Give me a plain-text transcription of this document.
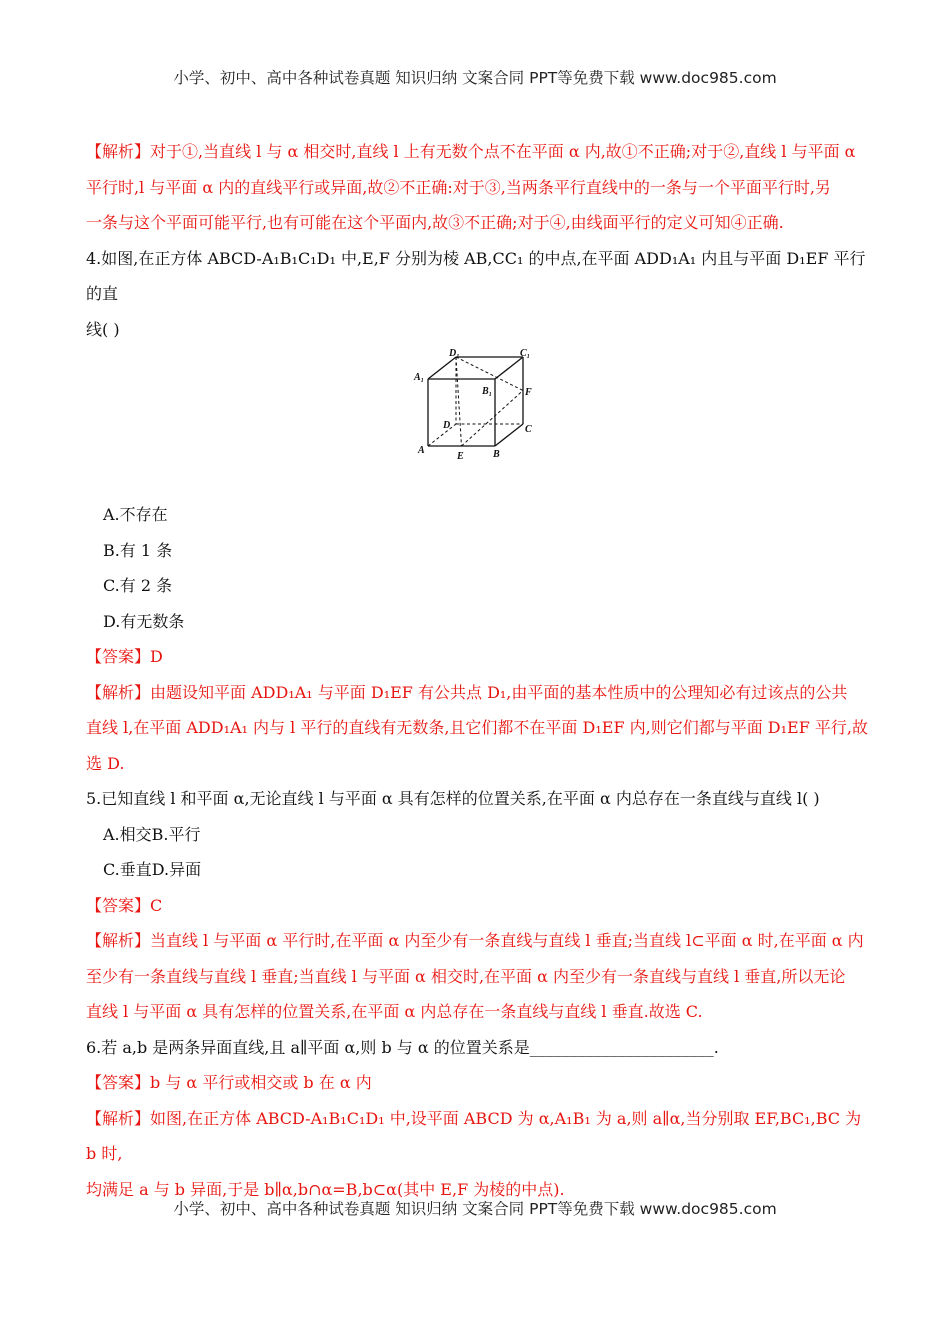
小学、初中、高中各种试卷真题 知识归纳 文案合同 PPT等免费下载 www.doc985.com

【解析】对于①,当直线 l 与 α 相交时,直线 l 上有无数个点不在平面 α 内,故①不正确;对于②,直线 l 与平面 α

平行时,l 与平面 α 内的直线平行或异面,故②不正确:对于③,当两条平行直线中的一条与一个平面平行时,另

一条与这个平面可能平行,也有可能在这个平面内,故③不正确;对于④,由线面平行的定义可知④正确.

4.如图,在正方体 ABCD-A₁B₁C₁D₁ 中,E,F 分别为棱 AB,CC₁ 的中点,在平面 ADD₁A₁ 内且与平面 D₁EF 平行的直

线( )

D₁	C₁
A₁
B₁	F
D	C
A
E	B

A.不存在

B.有 1 条

C.有 2 条

D.有无数条

【答案】D

【解析】由题设知平面 ADD₁A₁ 与平面 D₁EF 有公共点 D₁,由平面的基本性质中的公理知必有过该点的公共

直线 l,在平面 ADD₁A₁ 内与 l 平行的直线有无数条,且它们都不在平面 D₁EF 内,则它们都与平面 D₁EF 平行,故

选 D.

5.已知直线 l 和平面 α,无论直线 l 与平面 α 具有怎样的位置关系,在平面 α 内总存在一条直线与直线 l( )

A.相交B.平行

C.垂直D.异面

【答案】C

【解析】当直线 l 与平面 α 平行时,在平面 α 内至少有一条直线与直线 l 垂直;当直线 l⊂平面 α 时,在平面 α 内

至少有一条直线与直线 l 垂直;当直线 l 与平面 α 相交时,在平面 α 内至少有一条直线与直线 l 垂直,所以无论

直线 l 与平面 α 具有怎样的位置关系,在平面 α 内总存在一条直线与直线 l 垂直.故选 C.

6.若 a,b 是两条异面直线,且 a∥平面 α,则 b 与 α 的位置关系是_______________________.

【答案】b 与 α 平行或相交或 b 在 α 内

【解析】如图,在正方体 ABCD-A₁B₁C₁D₁ 中,设平面 ABCD 为 α,A₁B₁ 为 a,则 a∥α,当分别取 EF,BC₁,BC 为 b 时,

均满足 a 与 b 异面,于是 b∥α,b∩α=B,b⊂α(其中 E,F 为棱的中点).

小学、初中、高中各种试卷真题 知识归纳 文案合同 PPT等免费下载 www.doc985.com
